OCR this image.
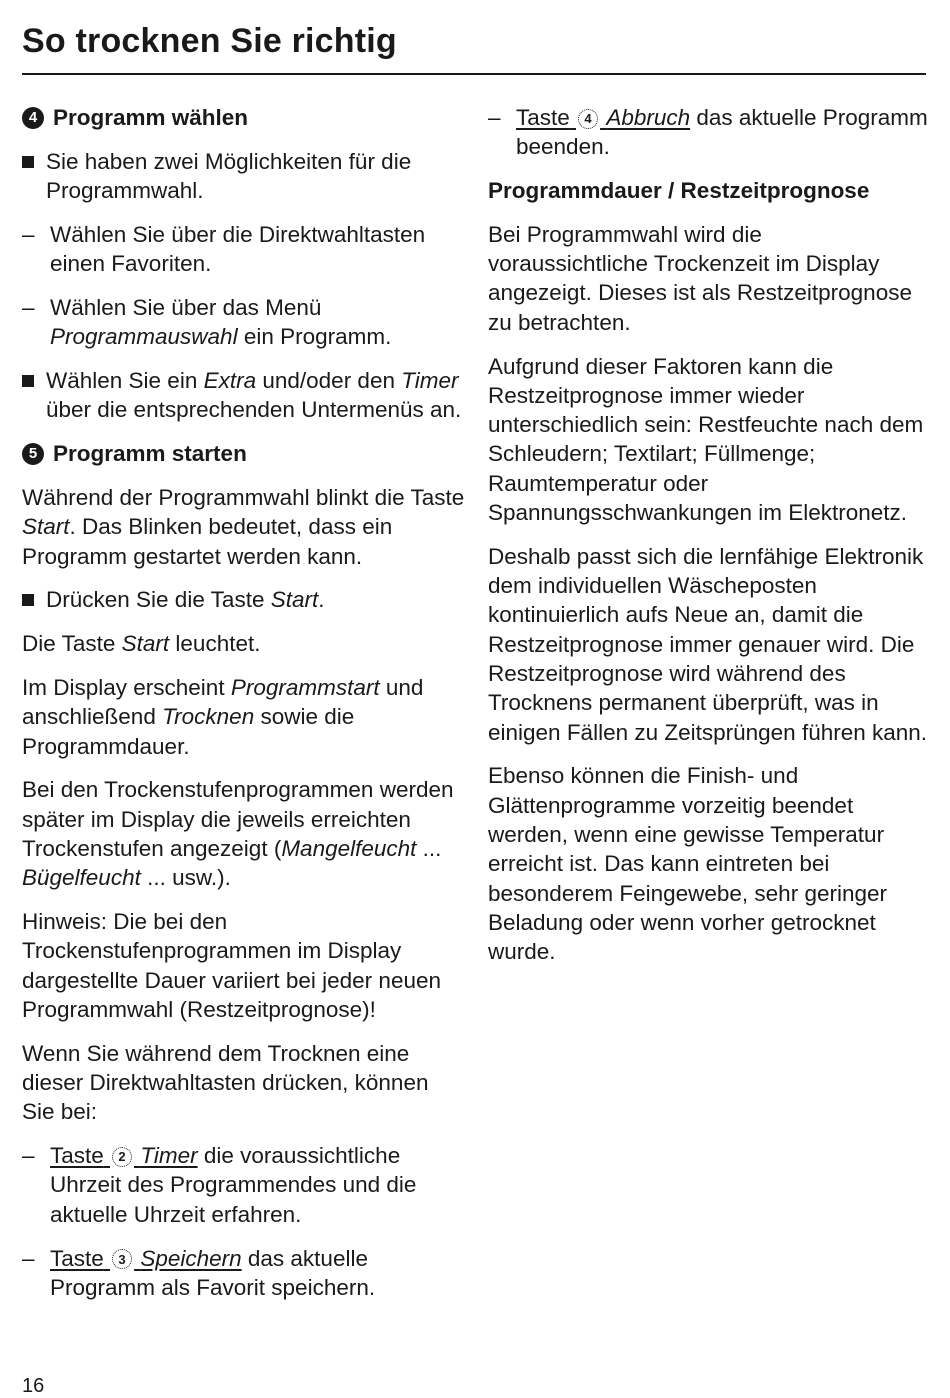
So trocknen Sie richtig
4 Programm wählen

Sie haben zwei Möglichkeiten für die Programmwahl.

– Wählen Sie über die Direktwahltasten einen Favoriten.

– Wählen Sie über das Menü Programmauswahl ein Programm.

Wählen Sie ein Extra und/oder den Timer über die entsprechenden Untermenüs an.

5 Programm starten

Während der Programmwahl blinkt die Taste Start. Das Blinken bedeutet, dass ein Programm gestartet werden kann.

Drücken Sie die Taste Start.

Die Taste Start leuchtet.

Im Display erscheint Programmstart und anschließend Trocknen sowie die Programmdauer.

Bei den Trockenstufenprogrammen werden später im Display die jeweils erreichten Trockenstufen angezeigt (Mangelfeucht ... Bügelfeucht ... usw.).

Hinweis: Die bei den Trockenstufenprogrammen im Display dargestellte Dauer variiert bei jeder neuen Programmwahl (Restzeitprognose)!

Wenn Sie während dem Trocknen eine dieser Direktwahltasten drücken, können Sie bei:

– Taste 2 Timer die voraussichtliche Uhrzeit des Programmendes und die aktuelle Uhrzeit erfahren.

– Taste 3 Speichern das aktuelle Programm als Favorit speichern.

– Taste 4 Abbruch das aktuelle Programm beenden.

Programmdauer / Restzeitprognose

Bei Programmwahl wird die voraussichtliche Trockenzeit im Display angezeigt. Dieses ist als Restzeitprognose zu betrachten.

Aufgrund dieser Faktoren kann die Restzeitprognose immer wieder unterschiedlich sein: Restfeuchte nach dem Schleudern; Textilart; Füllmenge; Raumtemperatur oder Spannungsschwankungen im Elektronetz.

Deshalb passt sich die lernfähige Elektronik dem individuellen Wäscheposten kontinuierlich aufs Neue an, damit die Restzeitprognose immer genauer wird. Die Restzeitprognose wird während des Trocknens permanent überprüft, was in einigen Fällen zu Zeitsprüngen führen kann.

Ebenso können die Finish- und Glättenprogramme vorzeitig beendet werden, wenn eine gewisse Temperatur erreicht ist. Das kann eintreten bei besonderem Feingewebe, sehr geringer Beladung oder wenn vorher getrocknet wurde.

16
